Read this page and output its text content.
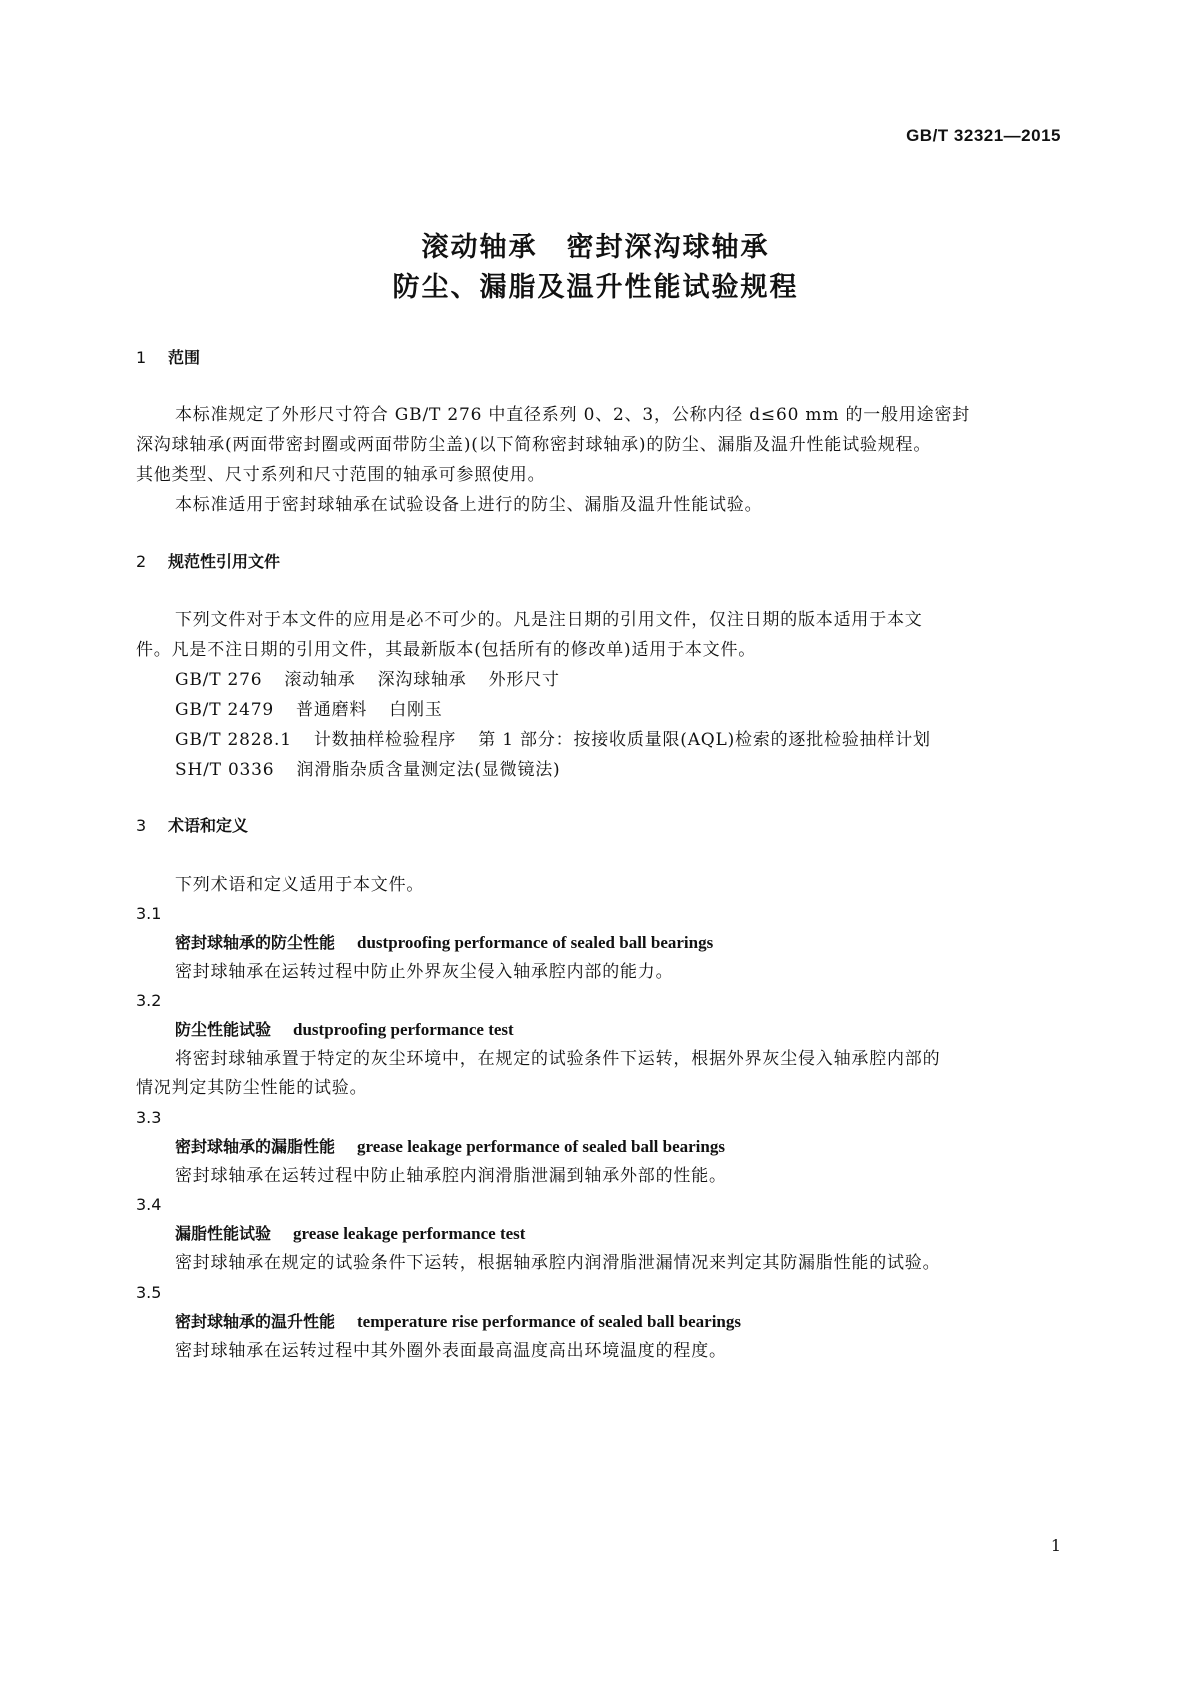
GB/T 32321—2015
滚动轴承　密封深沟球轴承
防尘、漏脂及温升性能试验规程
1 范围
本标准规定了外形尺寸符合 GB/T 276 中直径系列 0、2、3，公称内径 d≤60 mm 的一般用途密封
深沟球轴承(两面带密封圈或两面带防尘盖)(以下简称密封球轴承)的防尘、漏脂及温升性能试验规程。
其他类型、尺寸系列和尺寸范围的轴承可参照使用。
本标准适用于密封球轴承在试验设备上进行的防尘、漏脂及温升性能试验。
2 规范性引用文件
下列文件对于本文件的应用是必不可少的。凡是注日期的引用文件，仅注日期的版本适用于本文
件。凡是不注日期的引用文件，其最新版本(包括所有的修改单)适用于本文件。
GB/T 276 滚动轴承 深沟球轴承 外形尺寸
GB/T 2479 普通磨料 白刚玉
GB/T 2828.1 计数抽样检验程序 第 1 部分：按接收质量限(AQL)检索的逐批检验抽样计划
SH/T 0336 润滑脂杂质含量测定法(显微镜法)
3 术语和定义
下列术语和定义适用于本文件。
3.1
密封球轴承的防尘性能 dustproofing performance of sealed ball bearings
密封球轴承在运转过程中防止外界灰尘侵入轴承腔内部的能力。
3.2
防尘性能试验 dustproofing performance test
将密封球轴承置于特定的灰尘环境中，在规定的试验条件下运转，根据外界灰尘侵入轴承腔内部的
情况判定其防尘性能的试验。
3.3
密封球轴承的漏脂性能 grease leakage performance of sealed ball bearings
密封球轴承在运转过程中防止轴承腔内润滑脂泄漏到轴承外部的性能。
3.4
漏脂性能试验 grease leakage performance test
密封球轴承在规定的试验条件下运转，根据轴承腔内润滑脂泄漏情况来判定其防漏脂性能的试验。
3.5
密封球轴承的温升性能 temperature rise performance of sealed ball bearings
密封球轴承在运转过程中其外圈外表面最高温度高出环境温度的程度。
1
